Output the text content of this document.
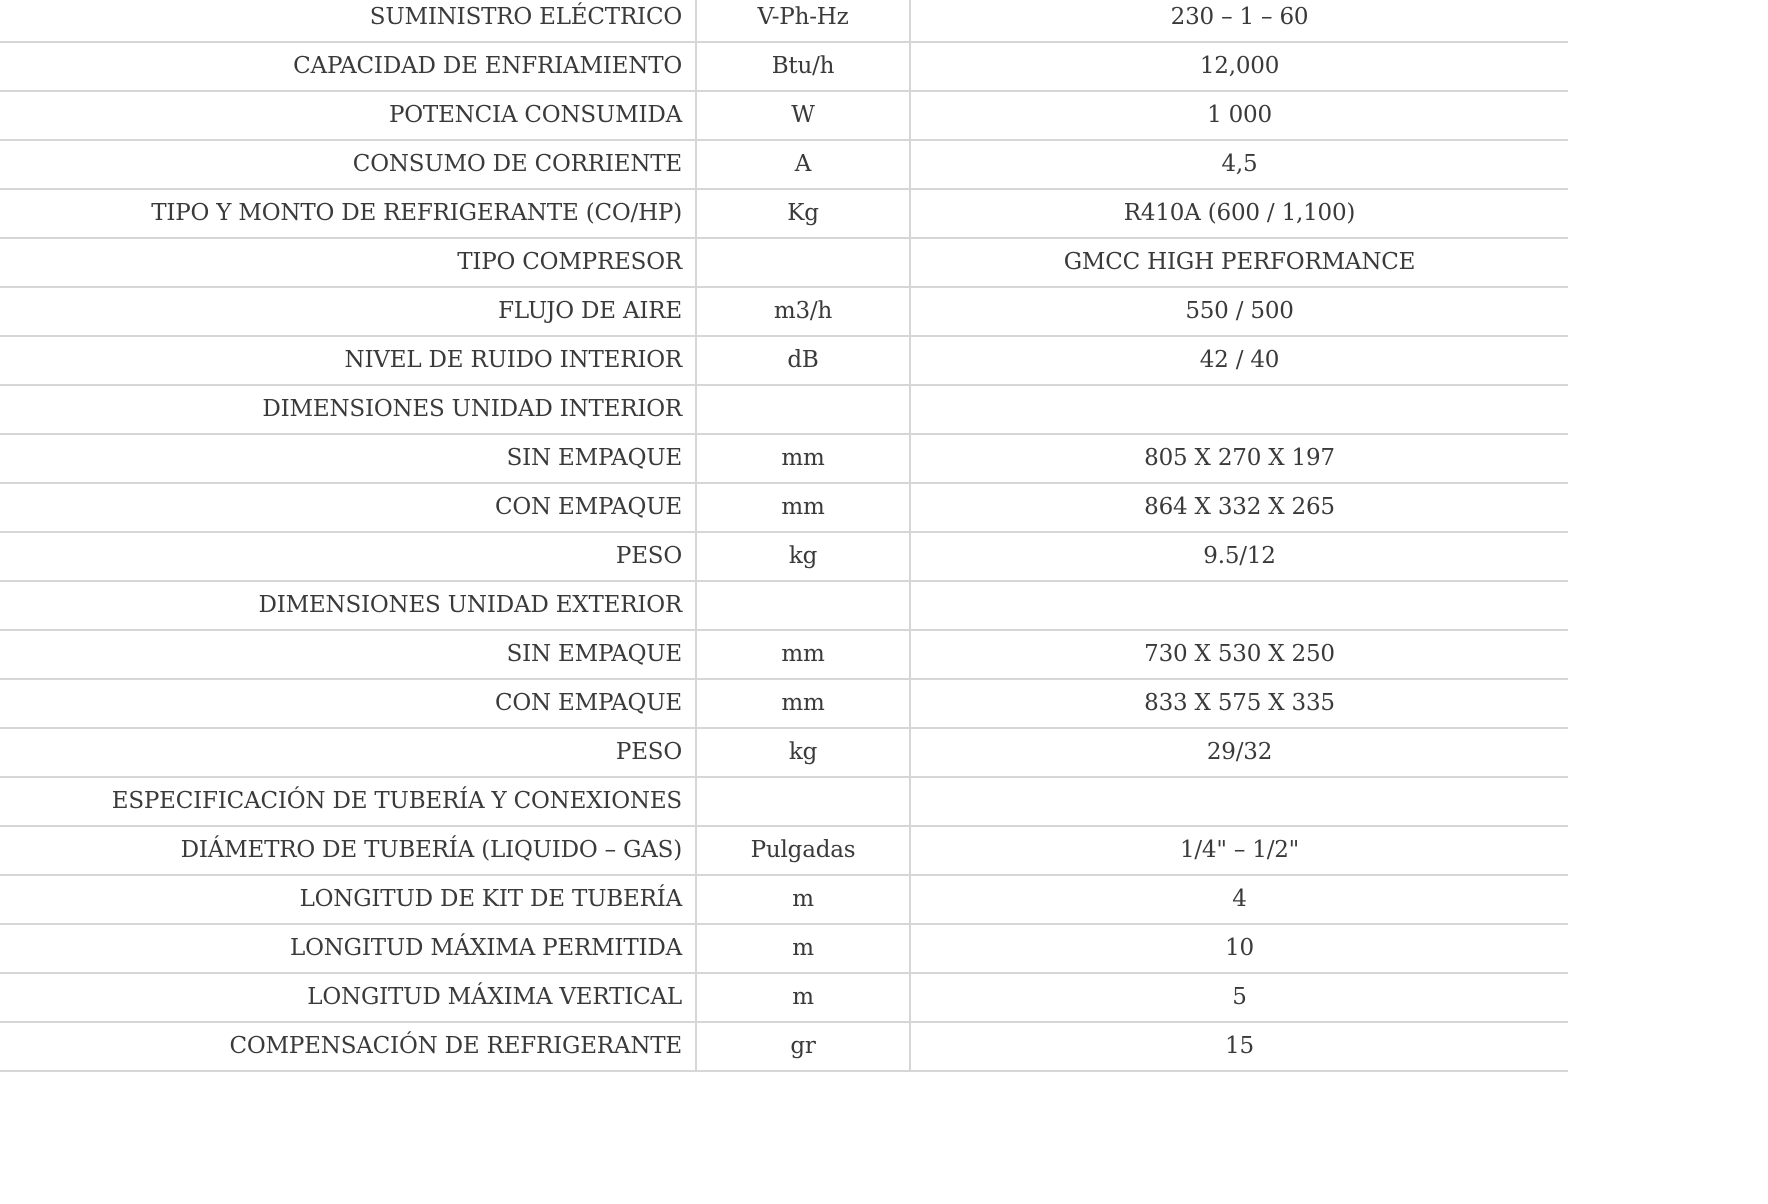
SUMINISTRO ELÉCTRICO	V-Ph-Hz	230 – 1 – 60
CAPACIDAD DE ENFRIAMIENTO	Btu/h	12,000
POTENCIA CONSUMIDA	W	1 000
CONSUMO DE CORRIENTE	A	4,5
TIPO Y MONTO DE REFRIGERANTE (CO/HP)	Kg	R410A (600 / 1,100)
TIPO COMPRESOR		GMCC HIGH PERFORMANCE
FLUJO DE AIRE	m3/h	550 / 500
NIVEL DE RUIDO INTERIOR	dB	42 / 40
DIMENSIONES UNIDAD INTERIOR		
SIN EMPAQUE	mm	805 X 270 X 197
CON EMPAQUE	mm	864 X 332 X 265
PESO	kg	9.5/12
DIMENSIONES UNIDAD EXTERIOR		
SIN EMPAQUE	mm	730 X 530 X 250
CON EMPAQUE	mm	833 X 575 X 335
PESO	kg	29/32
ESPECIFICACIÓN DE TUBERÍA Y CONEXIONES		
DIÁMETRO DE TUBERÍA (LIQUIDO – GAS)	Pulgadas	1/4" – 1/2"
LONGITUD DE KIT DE TUBERÍA	m	4
LONGITUD MÁXIMA PERMITIDA	m	10
LONGITUD MÁXIMA VERTICAL	m	5
COMPENSACIÓN DE REFRIGERANTE	gr	15
